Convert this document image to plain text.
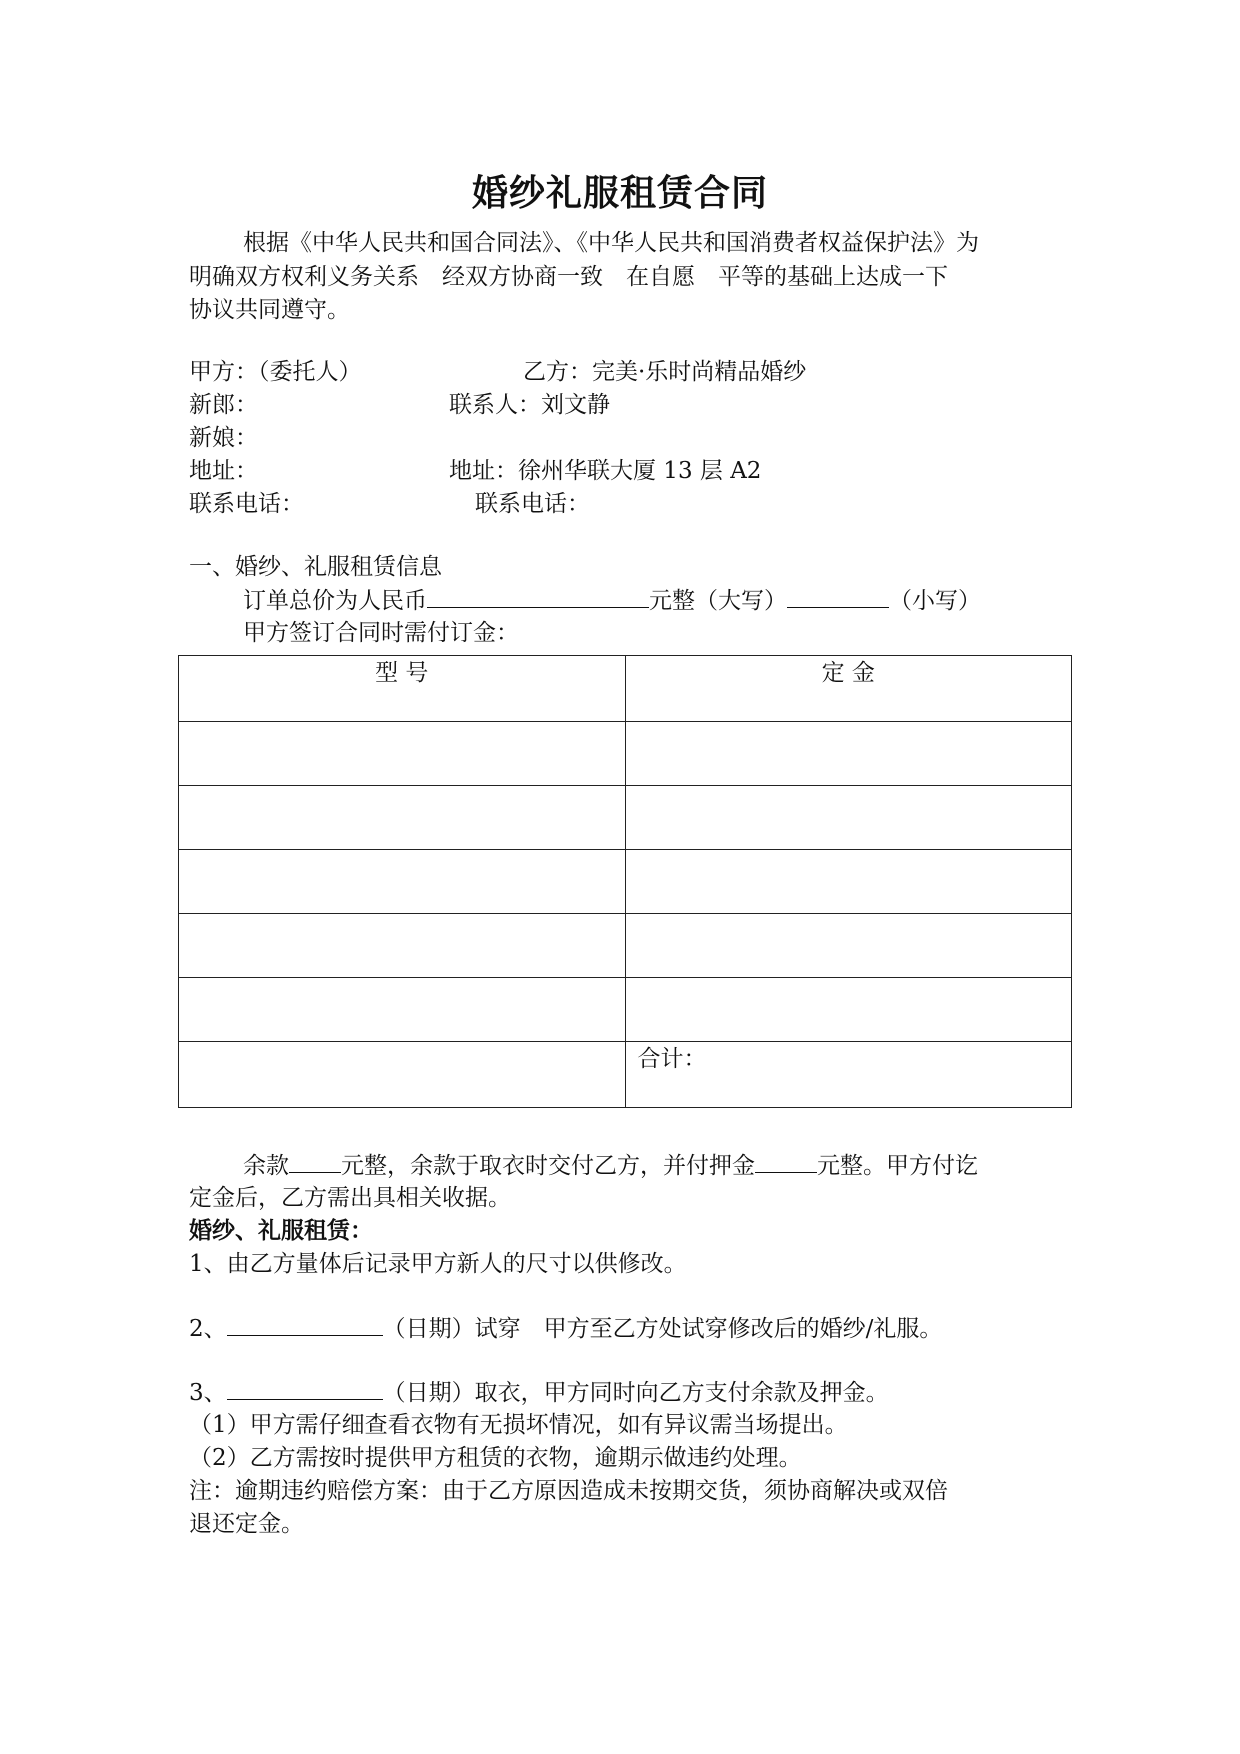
婚纱礼服租赁合同
根据《中华人民共和国合同法》、《中华人民共和国消费者权益保护法》为
明确双方权利义务关系　经双方协商一致　在自愿　平等的基础上达成一下
协议共同遵守。
甲方：（委托人）	乙方：完美·乐时尚精品婚纱
新郎：	联系人：刘文静
新娘：
地址：	地址：徐州华联大厦 13 层 A2
联系电话：	联系电话：
一、婚纱、礼服租赁信息
订单总价为人民币	元整（大写）	（小写）
甲方签订合同时需付订金：
型 号	定 金

	合计：
余款 元整，余款于取衣时交付乙方，并付押金	元整。甲方付讫
定金后，乙方需出具相关收据。
婚纱、礼服租赁：
1、由乙方量体后记录甲方新人的尺寸以供修改。
2、	（日期）试穿　甲方至乙方处试穿修改后的婚纱/礼服。
3、	（日期）取衣，甲方同时向乙方支付余款及押金。
（1）甲方需仔细查看衣物有无损坏情况，如有异议需当场提出。
（2）乙方需按时提供甲方租赁的衣物，逾期示做违约处理。
注：逾期违约赔偿方案：由于乙方原因造成未按期交货，须协商解决或双倍
退还定金。
